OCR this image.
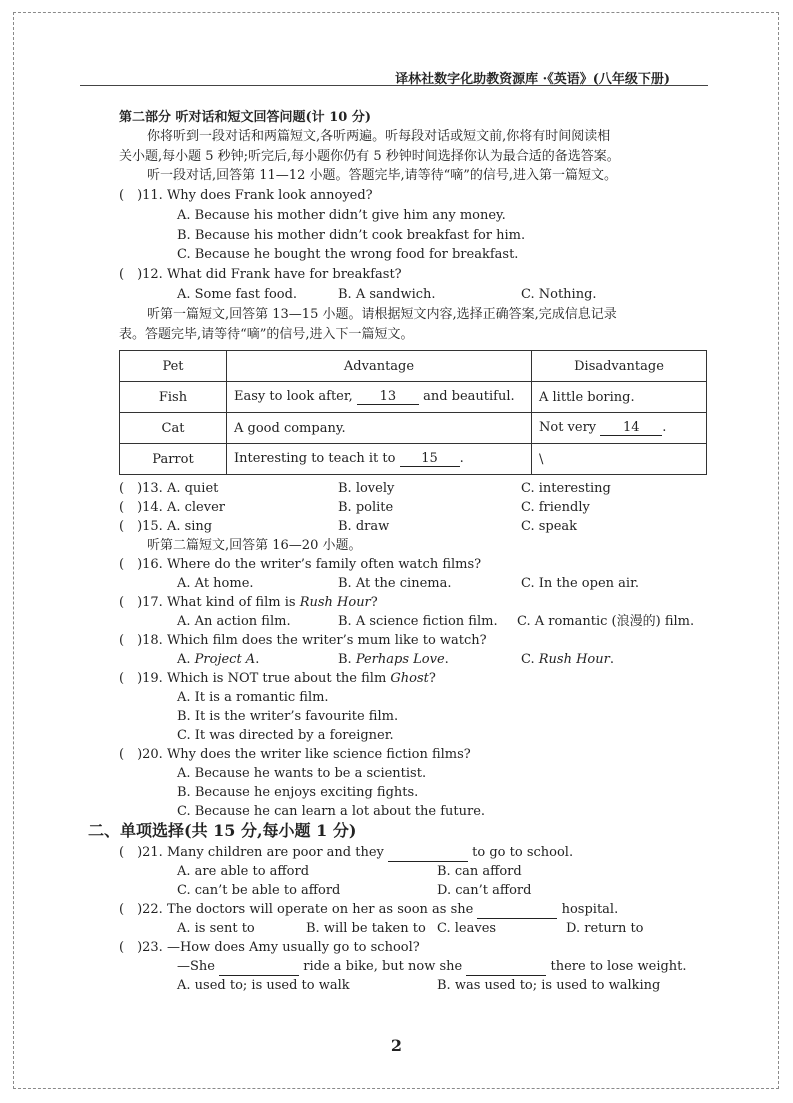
译林社数字化助教资源库 ·《英语》(八年级下册)
第二部分 听对话和短文回答问题(计 10 分)
你将听到一段对话和两篇短文,各听两遍。听每段对话或短文前,你将有时间阅读相
关小题,每小题 5 秒钟;听完后,每小题你仍有 5 秒钟时间选择你认为最合适的备选答案。
听一段对话,回答第 11—12 小题。答题完毕,请等待“嘀”的信号,进入第一篇短文。
(　)11. Why does Frank look annoyed?
A. Because his mother didn’t give him any money.
B. Because his mother didn’t cook breakfast for him.
C. Because he bought the wrong food for breakfast.
(　)12. What did Frank have for breakfast?
A. Some fast food.	B. A sandwich.	C. Nothing.
听第一篇短文,回答第 13—15 小题。请根据短文内容,选择正确答案,完成信息记录
表。答题完毕,请等待“嘀”的信号,进入下一篇短文。
Pet	Advantage	Disadvantage
Fish	Easy to look after, 13 and beautiful.	A little boring.
Cat	A good company.	Not very 14 .
Parrot	Interesting to teach it to 15 .	\
(　)13. A. quiet	B. lovely	C. interesting
(　)14. A. clever	B. polite	C. friendly
(　)15. A. sing	B. draw	C. speak
听第二篇短文,回答第 16—20 小题。
(　)16. Where do the writer’s family often watch films?
A. At home.	B. At the cinema.	C. In the open air.
(　)17. What kind of film is Rush Hour?
A. An action film.	B. A science fiction film. C. A romantic (浪漫的) film.
(　)18. Which film does the writer’s mum like to watch?
A. Project A.	B. Perhaps Love.	C. Rush Hour.
(　)19. Which is NOT true about the film Ghost?
A. It is a romantic film.
B. It is the writer’s favourite film.
C. It was directed by a foreigner.
(　)20. Why does the writer like science fiction films?
A. Because he wants to be a scientist.
B. Because he enjoys exciting fights.
C. Because he can learn a lot about the future.
二、单项选择(共 15 分,每小题 1 分)
(　)21. Many children are poor and they	to go to school.
A. are able to afford	B. can afford
C. can’t be able to afford	D. can’t afford
(　)22. The doctors will operate on her as soon as she	hospital.
A. is sent to	B. will be taken to C. leaves	D. return to
(　)23. —How does Amy usually go to school?
—She	ride a bike, but now she	there to lose weight.
A. used to; is used to walk	B. was used to; is used to walking
2
